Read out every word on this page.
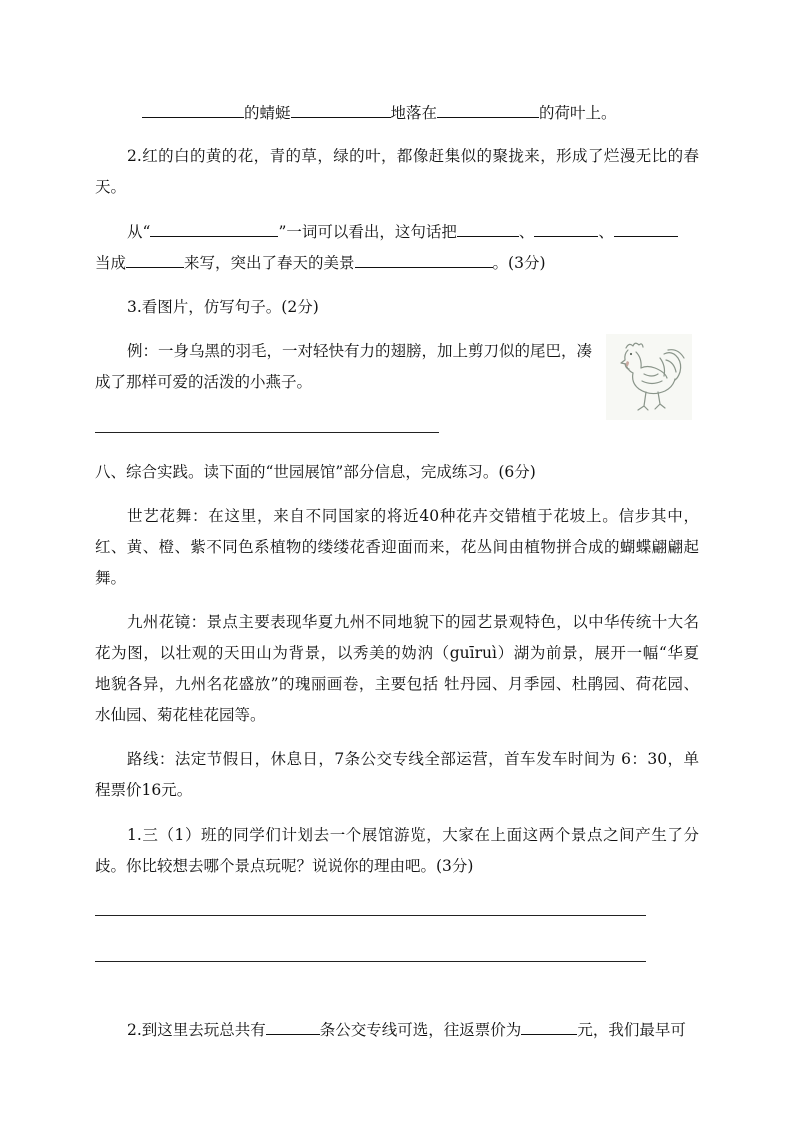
的蜻蜓	地落在	的荷叶上。
2.红的白的黄的花，青的草，绿的叶，都像赶集似的聚拢来，形成了烂漫无比的春
天。
从“	”一词可以看出，这句话把	、	、
当成	来写，突出了春天的美景	。(3分)
3.看图片，仿写句子。(2分)
例：一身乌黑的羽毛，一对轻快有力的翅膀，加上剪刀似的尾巴，凑
成了那样可爱的活泼的小燕子。
八、综合实践。读下面的“世园展馆”部分信息，完成练习。(6分)
世艺花舞：在这里，来自不同国家的将近40种花卉交错植于花坡上。信步其中，
红、黄、橙、紫不同色系植物的缕缕花香迎面而来，花丛间由植物拼合成的蝴蝶翩翩起
舞。
九州花镜：景点主要表现华夏九州不同地貌下的园艺景观特色，以中华传统十大名
花为图，以壮观的天田山为背景，以秀美的妫汭（guīruì）湖为前景，展开一幅“华夏
地貌各异，九州名花盛放”的瑰丽画卷，主要包括 牡丹园、月季园、杜鹃园、荷花园、
水仙园、菊花桂花园等。
路线：法定节假日，休息日，7条公交专线全部运营，首车发车时间为 6：30，单
程票价16元。
1.三（1）班的同学们计划去一个展馆游览，大家在上面这两个景点之间产生了分
歧。你比较想去哪个景点玩呢？说说你的理由吧。(3分)
2.到这里去玩总共有	条公交专线可选，往返票价为	元，我们最早可
